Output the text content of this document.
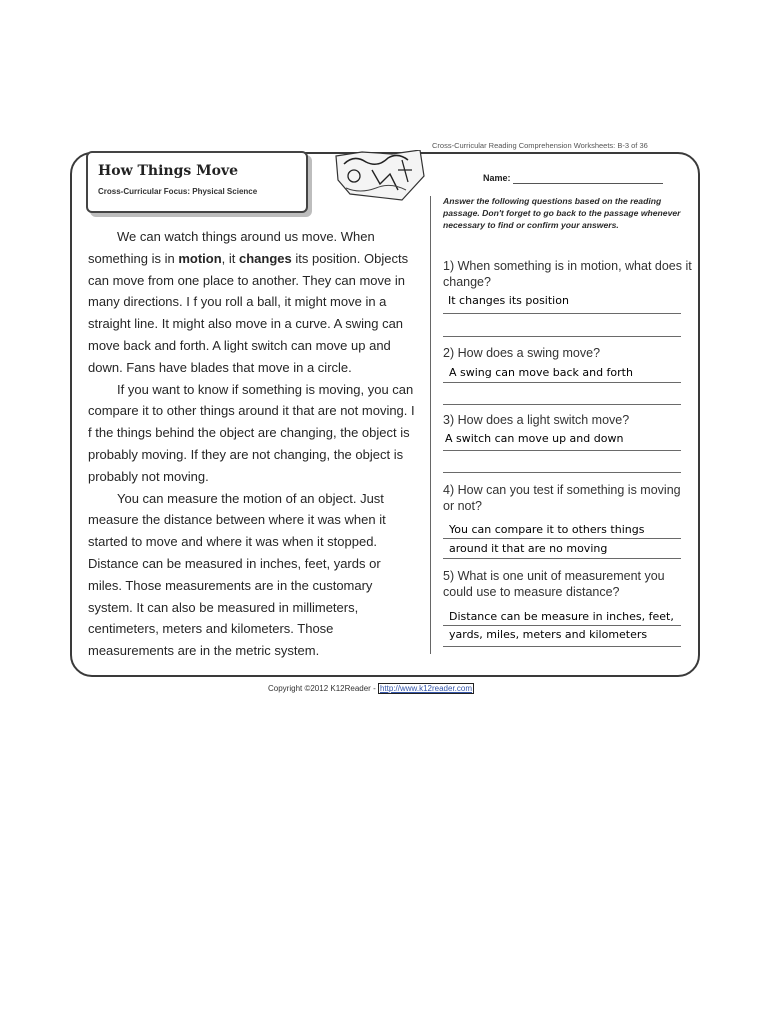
Cross-Curricular Reading Comprehension Worksheets: B-3 of 36
How Things Move
Cross-Curricular Focus: Physical Science

We can watch things around us move. When something is in motion, it changes its position. Objects can move from one place to another. They can move in many directions. I f you roll a ball, it might move in a straight line. It might also move in a curve. A swing can move back and forth. A light switch can move up and down. Fans have blades that move in a circle.

If you want to know if something is moving, you can compare it to other things around it that are not moving. I f the things behind the object are changing, the object is probably moving. If they are not changing, the object is probably not moving.

You can measure the motion of an object. Just measure the distance between where it was when it started to move and where it was when it stopped. Distance can be measured in inches, feet, yards or miles. Those measurements are in the customary system. It can also be measured in millimeters, centimeters, meters and kilometers. Those measurements are in the metric system.

Name:
Answer the following questions based on the reading passage. Don't forget to go back to the passage whenever necessary to find or confirm your answers.
1) When something is in motion, what does it change?
It changes its position
2) How does a swing move?
A swing can move back and forth
3) How does a light switch move?
A switch can move up and down
4) How can you test if something is moving or not?
You can compare it to others things
around it that are no moving
5) What is one unit of measurement you could use to measure distance?
Distance can be measure in inches, feet,
yards, miles, meters and kilometers
Copyright ©2012 K12Reader - http://www.k12reader.com
